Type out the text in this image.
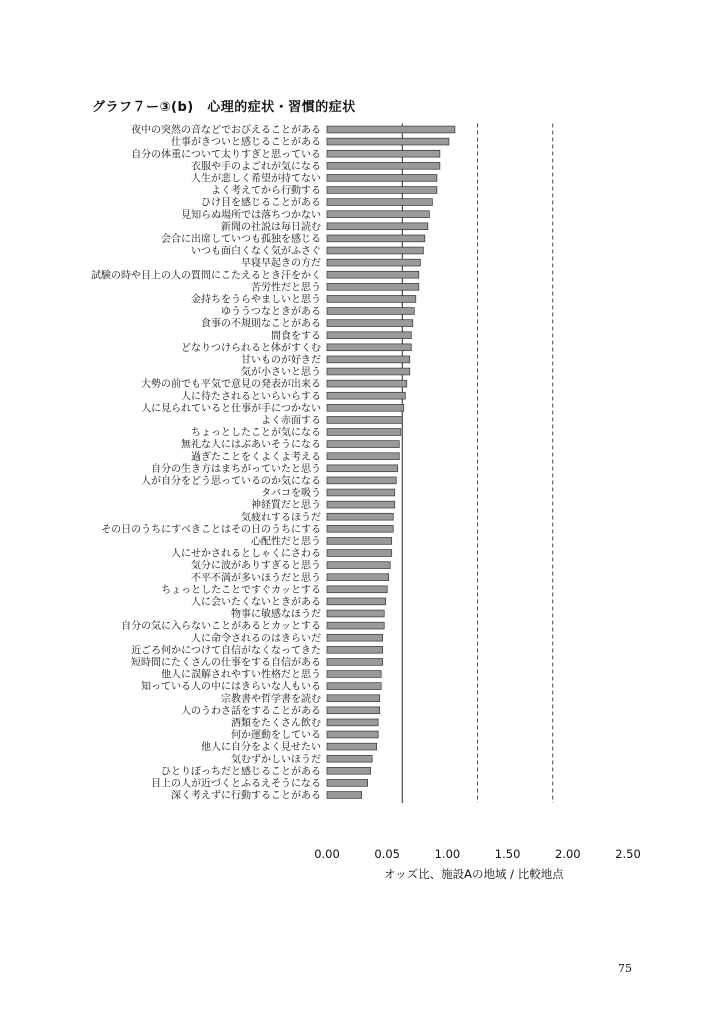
グラフ７ー③(b)　心理的症状・習慣的症状
夜中の突然の音などでおびえることがある
仕事がきついと感じることがある
自分の体重について太りすぎと思っている
衣服や手のよごれが気になる
人生が悲しく希望が持てない
よく考えてから行動する
ひけ目を感じることがある
見知らぬ場所では落ちつかない
新聞の社説は毎日読む
会合に出席していつも孤独を感じる
いつも面白くなく気がふさぐ
早寝早起きの方だ
試験の時や目上の人の質問にこたえるとき汗をかく
苦労性だと思う
金持ちをうらやましいと思う
ゆううつなときがある
食事の不規則なことがある
間食をする
どなりつけられると体がすくむ
甘いものが好きだ
気が小さいと思う
大勢の前でも平気で意見の発表が出来る
人に待たされるといらいらする
人に見られていると仕事が手につかない
よく赤面する
ちょっとしたことが気になる
無礼な人にはぶあいそうになる
過ぎたことをくよくよ考える
自分の生き方はまちがっていたと思う
人が自分をどう思っているのか気になる
タバコを吸う
神経質だと思う
気疲れするほうだ
その日のうちにすべきことはその日のうちにする
心配性だと思う
人にせかされるとしゃくにさわる
気分に波がありすぎると思う
不平不満が多いほうだと思う
ちょっとしたことですぐカッとする
人に会いたくないときがある
物事に敏感なほうだ
自分の気に入らないことがあるとカッとする
人に命令されるのはきらいだ
近ごろ何かにつけて自信がなくなってきた
短時間にたくさんの仕事をする自信がある
他人に誤解されやすい性格だと思う
知っている人の中にはきらいな人もいる
宗教書や哲学書を読む
人のうわさ話をすることがある
酒類をたくさん飲む
何か運動をしている
他人に自分をよく見せたい
気むずかしいほうだ
ひとりぼっちだと感じることがある
目上の人が近づくとふるえそうになる
深く考えずに行動することがある
0.00	0.05	1.00	1.50	2.00	2.50
オッズ比、施設Aの地域 / 比較地点
75
